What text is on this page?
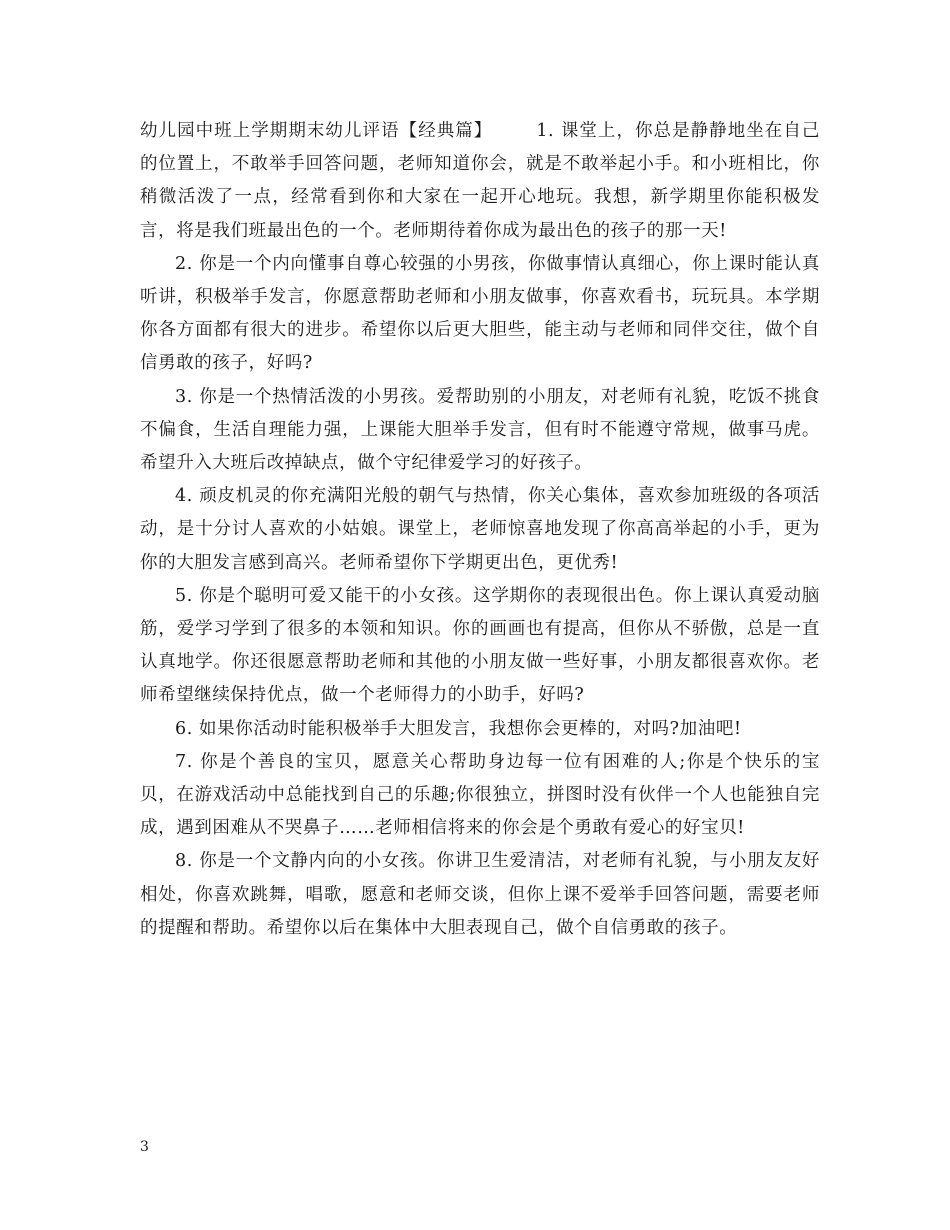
幼儿园中班上学期期末幼儿评语【经典篇】	1. 课堂上，你总是静静地坐在自己的位置上，不敢举手回答问题，老师知道你会，就是不敢举起小手。和小班相比，你稍微活泼了一点，经常看到你和大家在一起开心地玩。我想，新学期里你能积极发言，将是我们班最出色的一个。老师期待着你成为最出色的孩子的那一天!

2. 你是一个内向懂事自尊心较强的小男孩，你做事情认真细心，你上课时能认真听讲，积极举手发言，你愿意帮助老师和小朋友做事，你喜欢看书，玩玩具。本学期你各方面都有很大的进步。希望你以后更大胆些，能主动与老师和同伴交往，做个自信勇敢的孩子，好吗?

3. 你是一个热情活泼的小男孩。爱帮助别的小朋友，对老师有礼貌，吃饭不挑食不偏食，生活自理能力强，上课能大胆举手发言，但有时不能遵守常规，做事马虎。希望升入大班后改掉缺点，做个守纪律爱学习的好孩子。

4. 顽皮机灵的你充满阳光般的朝气与热情，你关心集体，喜欢参加班级的各项活动，是十分讨人喜欢的小姑娘。课堂上，老师惊喜地发现了你高高举起的小手，更为你的大胆发言感到高兴。老师希望你下学期更出色，更优秀!

5. 你是个聪明可爱又能干的小女孩。这学期你的表现很出色。你上课认真爱动脑筋，爱学习学到了很多的本领和知识。你的画画也有提高，但你从不骄傲，总是一直认真地学。你还很愿意帮助老师和其他的小朋友做一些好事，小朋友都很喜欢你。老师希望继续保持优点，做一个老师得力的小助手，好吗?

6. 如果你活动时能积极举手大胆发言，我想你会更棒的，对吗?加油吧!

7. 你是个善良的宝贝，愿意关心帮助身边每一位有困难的人;你是个快乐的宝贝，在游戏活动中总能找到自己的乐趣;你很独立，拼图时没有伙伴一个人也能独自完成，遇到困难从不哭鼻子……老师相信将来的你会是个勇敢有爱心的好宝贝!

8. 你是一个文静内向的小女孩。你讲卫生爱清洁，对老师有礼貌，与小朋友友好相处，你喜欢跳舞，唱歌，愿意和老师交谈，但你上课不爱举手回答问题，需要老师的提醒和帮助。希望你以后在集体中大胆表现自己，做个自信勇敢的孩子。

3
